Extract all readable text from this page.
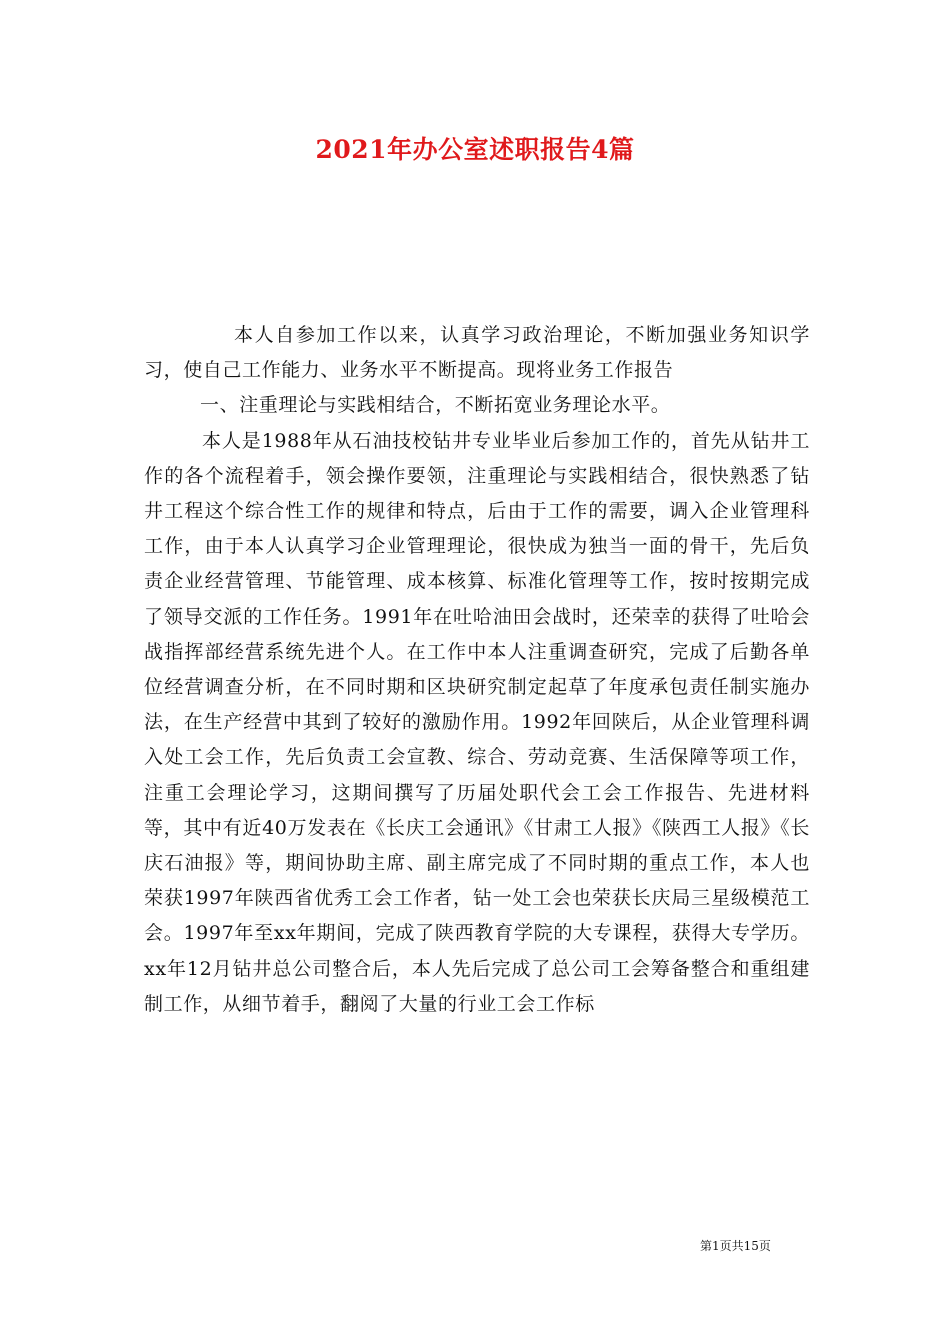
2021年办公室述职报告4篇

本人自参加工作以来，认真学习政治理论，不断加强业务知识学习，使自己工作能力、业务水平不断提高。现将业务工作报告

一、注重理论与实践相结合，不断拓宽业务理论水平。

本人是1988年从石油技校钻井专业毕业后参加工作的，首先从钻井工作的各个流程着手，领会操作要领，注重理论与实践相结合，很快熟悉了钻井工程这个综合性工作的规律和特点，后由于工作的需要，调入企业管理科工作，由于本人认真学习企业管理理论，很快成为独当一面的骨干，先后负责企业经营管理、节能管理、成本核算、标准化管理等工作，按时按期完成了领导交派的工作任务。1991年在吐哈油田会战时，还荣幸的获得了吐哈会战指挥部经营系统先进个人。在工作中本人注重调查研究，完成了后勤各单位经营调查分析，在不同时期和区块研究制定起草了年度承包责任制实施办法，在生产经营中其到了较好的激励作用。1992年回陕后，从企业管理科调入处工会工作，先后负责工会宣教、综合、劳动竞赛、生活保障等项工作，注重工会理论学习，这期间撰写了历届处职代会工会工作报告、先进材料等，其中有近40万发表在《长庆工会通讯》《甘肃工人报》《陕西工人报》《长庆石油报》等，期间协助主席、副主席完成了不同时期的重点工作，本人也荣获1997年陕西省优秀工会工作者，钻一处工会也荣获长庆局三星级模范工会。1997年至xx年期间，完成了陕西教育学院的大专课程，获得大专学历。xx年12月钻井总公司整合后，本人先后完成了总公司工会筹备整合和重组建制工作，从细节着手，翻阅了大量的行业工会工作标

第1页共15页
